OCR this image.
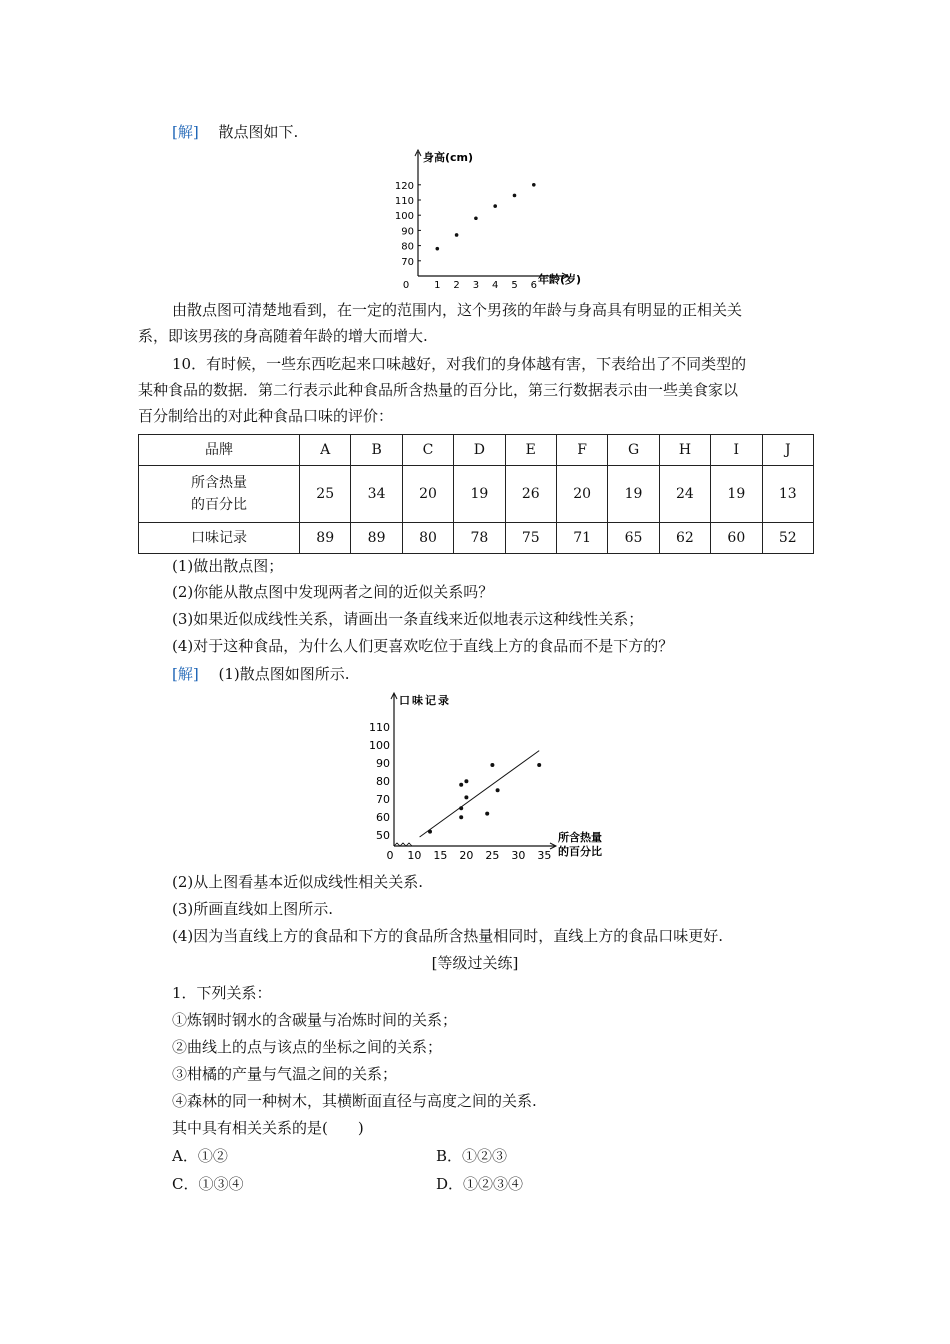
[解]　 散点图如下.
70
80
90
100
110
120
0 1 2 3 4 5 6
身高(cm)
年龄(岁)
由散点图可清楚地看到，在一定的范围内，这个男孩的年龄与身高具有明显的正相关关
系，即该男孩的身高随着年龄的增大而增大.
10．有时候，一些东西吃起来口味越好，对我们的身体越有害，下表给出了不同类型的
某种食品的数据．第二行表示此种食品所含热量的百分比，第三行数据表示由一些美食家以
百分制给出的对此种食品口味的评价：
品牌	A	B	C	D	E	F	G	H	I	J

所含热量
的百分比	25	34	20	19	26	20	19	24	19	13
口味记录	89	89	80	78	75	71	65	62	60	52
(1)做出散点图；
(2)你能从散点图中发现两者之间的近似关系吗？
(3)如果近似成线性关系，请画出一条直线来近似地表示这种线性关系；
(4)对于这种食品，为什么人们更喜欢吃位于直线上方的食品而不是下方的？
[解]　 (1)散点图如图所示.
50
60
70
80
90
100
110
0 10 15 20 25 30 35
口味记录
所含热量
的百分比
(2)从上图看基本近似成线性相关关系.
(3)所画直线如上图所示.
(4)因为当直线上方的食品和下方的食品所含热量相同时，直线上方的食品口味更好.
[等级过关练]
1．下列关系：
①炼钢时钢水的含碳量与冶炼时间的关系；
②曲线上的点与该点的坐标之间的关系；
③柑橘的产量与气温之间的关系；
④森林的同一种树木，其横断面直径与高度之间的关系.
其中具有相关关系的是(　　)
A．①②	B．①②③
C．①③④	D．①②③④
